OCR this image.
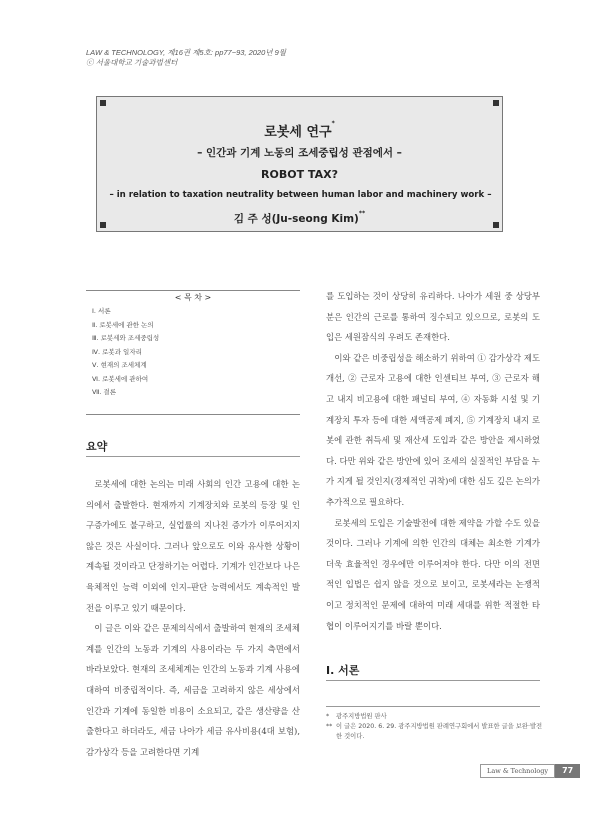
LAW & TECHNOLOGY, 제16권 제5호: pp77~93, 2020년 9월
ⓒ 서울대학교 기술과법센터
로봇세 연구*
– 인간과 기계 노동의 조세중립성 관점에서 –
ROBOT TAX?
– in relation to taxation neutrality between human labor and machinery work –
김 주 성(Ju-seong Kim)**
< 목 차 >
Ⅰ. 서론
Ⅱ. 로봇세에 관한 논의
Ⅲ. 로봇세와 조세중립성
Ⅳ. 로봇과 일자리
Ⅴ. 현재의 조세체계
Ⅵ. 로봇세에 관하여
Ⅶ. 결론
요약

로봇세에 대한 논의는 미래 사회의 인간 고용에 대한 논의에서 출발한다. 현재까지 기계장치와 로봇의 등장 및 인구증가에도 불구하고, 실업률의 지나친 증가가 이루어지지 않은 것은 사실이다. 그러나 앞으로도 이와 유사한 상황이 계속될 것이라고 단정하기는 어렵다. 기계가 인간보다 나은 육체적인 능력 이외에 인지–판단 능력에서도 계속적인 발전을 이루고 있기 때문이다.

이 글은 이와 같은 문제의식에서 출발하여 현재의 조세체계를 인간의 노동과 기계의 사용이라는 두 가지 측면에서 바라보았다. 현재의 조세체계는 인간의 노동과 기계 사용에 대하여 비중립적이다. 즉, 세금을 고려하지 않은 세상에서 인간과 기계에 동일한 비용이 소요되고, 같은 생산량을 산출한다고 하더라도, 세금 나아가 세금 유사비용(4대 보험), 감가상각 등을 고려한다면 기계

를 도입하는 것이 상당히 유리하다. 나아가 세원 중 상당부분은 인간의 근로를 통하여 징수되고 있으므로, 로봇의 도입은 세원잠식의 우려도 존재한다.

이와 같은 비중립성을 해소하기 위하여 ① 감가상각 제도 개선, ② 근로자 고용에 대한 인센티브 부여, ③ 근로자 해고 내지 비고용에 대한 패널티 부여, ④ 자동화 시설 및 기계장치 투자 등에 대한 세액공제 폐지, ⑤ 기계장치 내지 로봇에 관한 취득세 및 재산세 도입과 같은 방안을 제시하였다. 다만 위와 같은 방안에 있어 조세의 실질적인 부담을 누가 지게 될 것인지(경제적인 귀착)에 대한 심도 깊은 논의가 추가적으로 필요하다.

로봇세의 도입은 기술발전에 대한 제약을 가할 수도 있을 것이다. 그러나 기계에 의한 인간의 대체는 최소한 기계가 더욱 효율적인 경우에만 이루어져야 한다. 다만 이의 전면적인 입법은 쉽지 않을 것으로 보이고, 로봇세라는 논쟁적이고 정치적인 문제에 대하여 미래 세대를 위한 적절한 타협이 이루어지기를 바랄 뿐이다.

Ⅰ. 서론
*	광주지방법원 판사
** 이 글은 2020. 6. 29. 광주지방법원 판례연구회에서 발표한 글을 보완·발전한 것이다.
Law & Technology	77
